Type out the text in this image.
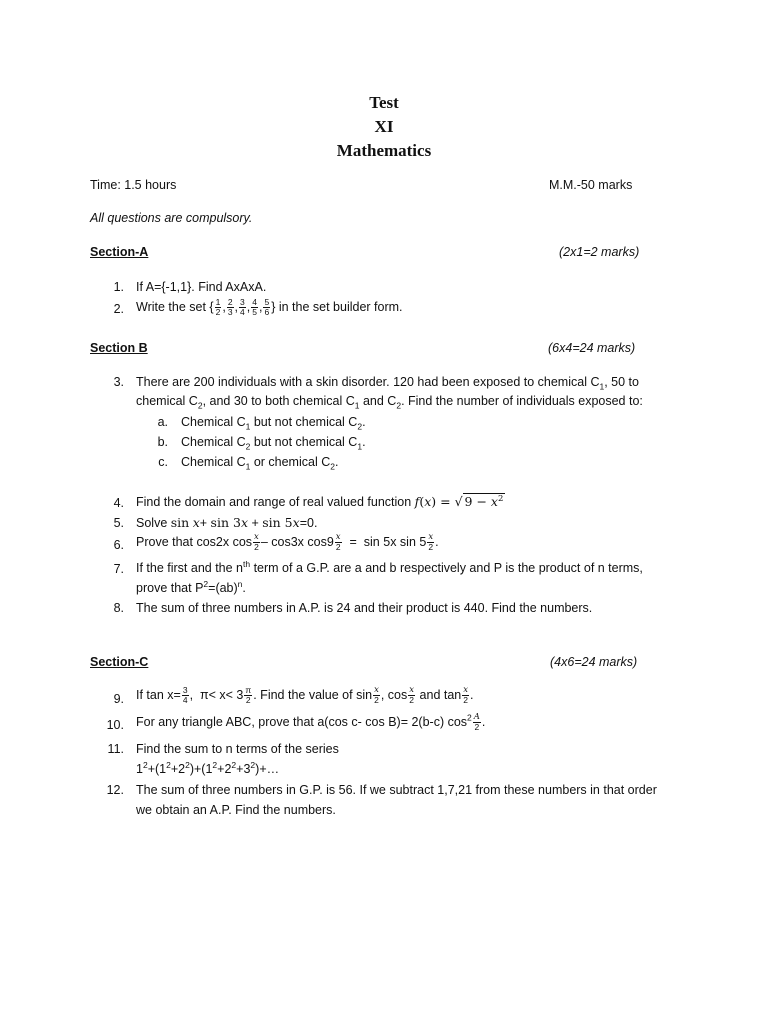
Test
XI
Mathematics
Time: 1.5 hours	M.M.-50 marks
All questions are compulsory.
Section-A	(2x1=2 marks)
1. If A={-1,1}. Find AxAxA.
2. Write the set { $\frac{1}{2}$ , $\frac{2}{3}$ , $\frac{3}{4}$ , $\frac{4}{5}$ , $\frac{5}{6}$ } in the set builder form.
Section B	(6x4=24 marks)
3. There are 200 individuals with a skin disorder. 120 had been exposed to chemical $C_1$, 50 to
chemical $C_2$, and 30 to both chemical $C_1$ and $C_2$. Find the number of individuals exposed to:
a. Chemical $C_1$ but not chemical $C_2$.
b. Chemical $C_2$ but not chemical $C_1$.
c. Chemical $C_1$ or chemical $C_2$.
4. Find the domain and range of real valued function f(x) = √ $9 - x^2$
5. Solve sin x+ sin 3x + sin 5x=0.
6. Prove that cos2x $\cos \frac{x}{2} - \cos 3x$ $\cos 9 \frac{x}{2} = \sin 5x$ $\sin 5 \frac{x}{2}$ .
7. If the first and the $n^{th}$ term of a G.P. are a and b respectively and P is the product of n terms,
prove that $P^2=(ab)^n$.
8. The sum of three numbers in A.P. is 24 and their product is 440. Find the numbers.
Section-C	(4x6=24 marks)
9. If $\tan x= \frac{3}{4}$ ,  $\pi< x< 3 \frac{\pi}{2}$ . Find the value of $\sin \frac{x}{2}$ , $\cos \frac{x}{2}$ and $\tan \frac{x}{2}$ .
10. For any triangle ABC, prove that a(cos c- cos B)= 2(b-c) $\cos^2 \frac{A}{2}$ .
11. Find the sum to n terms of the series
$1^2+(1^2+2^2)+(1^2+2^2+3^2)+\dots$
12. The sum of three numbers in G.P. is 56. If we subtract 1,7,21 from these numbers in that order
we obtain an A.P. Find the numbers.
